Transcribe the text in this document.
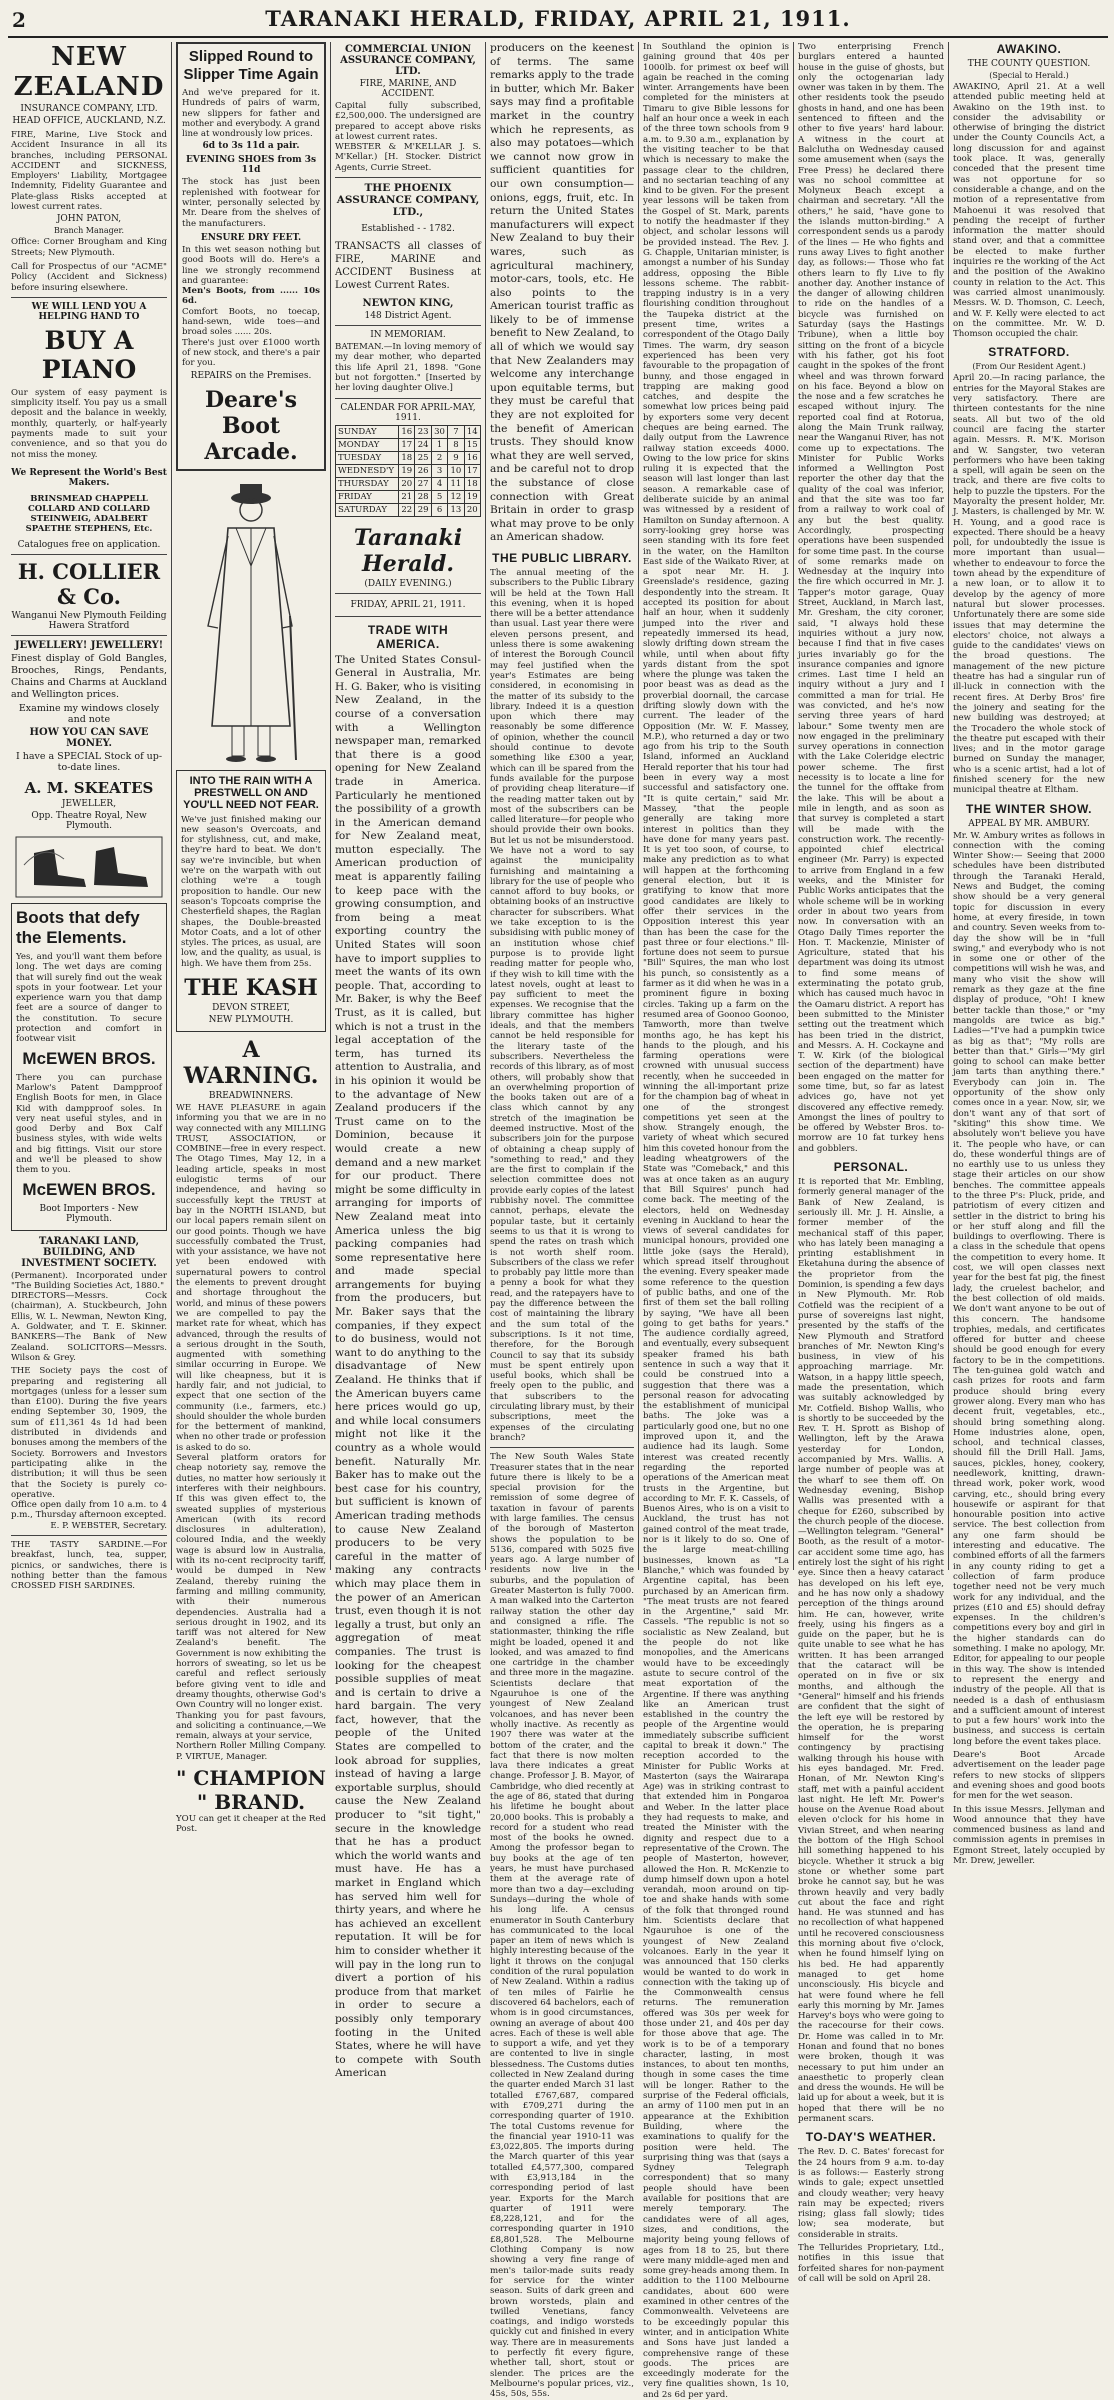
2	TARANAKI HERALD, FRIDAY, APRIL 21, 1911.
NEW ZEALAND
INSURANCE COMPANY, LTD.
HEAD OFFICE, AUCKLAND, N.Z.
FIRE, Marine, Live Stock and Accident Insurance in all its branches, including PERSONAL ACCIDENT and SICKNESS, Employers' Liability, Mortgagee Indemnity, Fidelity Guarantee and Plate-glass Risks accepted at lowest current rates.
JOHN PATON,
Branch Manager.
Office: Corner Brougham and King Streets; New Plymouth.
Call for Prospectus of our "ACME" Policy (Accident and Sickness) before insuring elsewhere.
WE WILL LEND YOU A HELPING HAND TO
BUY A PIANO
Our system of easy payment is simplicity itself. You pay us a small deposit and the balance in weekly, monthly, quarterly, or half-yearly payments made to suit your convenience, and so that you do not miss the money.
We Represent the World's Best Makers.
BRINSMEAD CHAPPELL COLLARD AND COLLARD STEINWEIG, ADALBERT SPAETHE STEPHENS, Etc.
Catalogues free on application.
H. COLLIER & Co.
Wanganui New Plymouth Feilding Hawera Stratford
JEWELLERY! JEWELLERY!
Finest display of Gold Bangles, Brooches, Rings, Pendants, Chains and Charms at Auckland and Wellington prices.
Examine my windows closely and note
HOW YOU CAN SAVE MONEY.
I have a SPECIAL Stock of up-to-date lines.
A. M. SKEATES
JEWELLER,
Opp. Theatre Royal, New Plymouth.
Boots that defy the Elements.
Yes, and you'll want them before long. The wet days are coming that will surely find out the weak spots in your footwear. Let your experience warn you that damp feet are a source of danger to the constitution. To secure protection and comfort in footwear visit
McEWEN BROS.
There you can purchase Marlow's Patent Dampproof English Boots for men, in Glace Kid with dampproof soles. In very neat useful styles, and in good Derby and Box Calf business styles, with wide welts and big fittings. Visit our store and we'll be pleased to show them to you.
McEWEN BROS.
Boot Importers - New Plymouth.
TARANAKI LAND, BUILDING, AND INVESTMENT SOCIETY.
(Permanent). Incorporated under "The Building Societies Act, 1880."
DIRECTORS—Messrs. Cock (chairman), A. Stuckbeurch, John Ellis, W. L. Newman, Newton King, A. Goldwater, and T. E. Skinner. BANKERS—The Bank of New Zealand. SOLICITORS—Messrs. Wilson & Grey.
THE Society pays the cost of preparing and registering all mortgages (unless for a lesser sum than £100). During the five years ending September 30, 1909, the sum of £11,361 4s 1d had been distributed in dividends and bonuses among the members of the Society. Borrowers and Investors participating alike in the distribution; it will thus be seen that the Society is purely co-operative.
Office open daily from 10 a.m. to 4 p.m., Thursday afternoon excepted.
E. P. WEBSTER, Secretary.
THE TASTY SARDINE.—For breakfast, lunch, tea, supper, picnics, or sandwiches, there is nothing better than the famous CROSSED FISH SARDINES.
Slipped Round to Slipper Time Again
And we've prepared for it. Hundreds of pairs of warm, new slippers for father and mother and everybody. A grand line at wondrously low prices.
6d to 3s 11d a pair.
EVENING SHOES from 3s 11d
The stock has just been replenished with footwear for winter, personally selected by Mr. Deare from the shelves of the manufacturers.
ENSURE DRY FEET.
In this wet season nothing but good Boots will do. Here's a line we strongly recommend and guarantee:
Men's Boots, from ...... 10s 6d.
Comfort Boots, no toecap, hand-sewn, wide toes—and broad soles ...... 20s.
There's just over £1000 worth of new stock, and there's a pair for you.
REPAIRS on the Premises.
Deare's Boot Arcade.
INTO THE RAIN WITH A PRESTWELL ON AND YOU'LL NEED NOT FEAR.
We've just finished making our new season's Overcoats, and for stylishness, cut, and make, they're hard to beat. We don't say we're invincible, but when we're on the warpath with out clothing we're a tough proposition to handle. Our new season's Topcoats comprise the Chesterfield shapes, the Raglan shapes, the Double-breasted Motor Coats, and a lot of other styles. The prices, as usual, are low, and the quality, as usual, is high. We have them from 25s.
THE KASH
DEVON STREET,
NEW PLYMOUTH.
A WARNING.
BREADWINNERS.
WE HAVE PLEASURE in again informing you that we are in no way connected with any MILLING TRUST, ASSOCIATION, or COMBINE—free in every respect. The Otago Times, May 12, in a leading article, speaks in most eulogistic terms of our independence, and having so successfully kept the TRUST at bay in the NORTH ISLAND, but our local papers remain silent on our good points. Though we have successfully combated the Trust, with your assistance, we have not yet been endowed with supernatural powers to control the elements to prevent drought and shortage throughout the world, and minus of these powers we are compelled to pay the market rate for wheat, which has advanced, through the results of a serious drought in the South, augmented with something similar occurring in Europe. We will like cheapness, but it is hardly fair, and not judicial, to expect that one section of the community (i.e., farmers, etc.) should shoulder the whole burden for the betterment of mankind, when no other trade or profession is asked to do so.
Several platform orators for cheap notoriety say, remove the duties, no matter how seriously it interferes with their neighbours. If this was given effect to, the sweated supplies of mysterious American (with its record disclosures in adulteration), coloured India, and the weekly wage is absurd low in Australia, with its no-cent reciprocity tariff, would be dumped in New Zealand, thereby ruining the farming and milling community, with their numerous dependencies. Australia had a serious drought in 1902, and its tariff was not altered for New Zealand's benefit. The Government is now exhibiting the horrors of sweating, so let us be careful and reflect seriously before giving vent to idle and dreamy thoughts, otherwise God's Own Country will no longer exist.
Thanking you for past favours, and soliciting a continuance,—We remain, always at your service,
Northern Roller Milling Company. P. VIRTUE, Manager.
" CHAMPION " BRAND.
YOU can get it cheaper at the Red Post.
COMMERCIAL UNION ASSURANCE COMPANY, LTD.
FIRE, MARINE, AND ACCIDENT.
Capital fully subscribed, £2,500,000. The undersigned are prepared to accept above risks at lowest current rates.
WEBSTER & M'KELLAR J. S. M'Kellar.) [H. Stocker. District Agents, Currie Street.
THE PHOENIX ASSURANCE COMPANY, LTD.,
Established - - 1782.
TRANSACTS all classes of FIRE, MARINE and ACCIDENT Business at Lowest Current Rates.
NEWTON KING,
148 District Agent.
IN MEMORIAM.
BATEMAN.—In loving memory of my dear mother, who departed this life April 21, 1898. "Gone but not forgotten." [Inserted by her loving daughter Olive.]
CALENDAR FOR APRIL-MAY, 1911.
SUNDAY	16	23	30	7	14
MONDAY	17	24	1	8	15
TUESDAY	18	25	2	9	16
WEDNESD'Y	19	26	3	10	17
THURSDAY	20	27	4	11	18
FRIDAY	21	28	5	12	19
SATURDAY	22	29	6	13	20
Taranaki Herald.
(DAILY EVENING.)
FRIDAY, APRIL 21, 1911.
TRADE WITH AMERICA.
The United States Consul-General in Australia, Mr. H. G. Baker, who is visiting New Zealand, in the course of a conversation with a Wellington newspaper man, remarked that there is a good opening for New Zealand trade in America. Particularly he mentioned the possibility of a growth in the American demand for New Zealand meat, mutton especially. The American production of meat is apparently failing to keep pace with the growing consumption, and from being a meat exporting country the United States will soon have to import supplies to meet the wants of its own people. That, according to Mr. Baker, is why the Beef Trust, as it is called, but which is not a trust in the legal acceptation of the term, has turned its attention to Australia, and in his opinion it would be to the advantage of New Zealand producers if the Trust came on to the Dominion, because it would create a new demand and a new market for our product. There might be some difficulty in arranging for imports of New Zealand meat into America unless the big packing companies had some representative here and made special arrangements for buying from the producers, but Mr. Baker says that the companies, if they expect to do business, would not want to do anything to the disadvantage of New Zealand. He thinks that if the American buyers came here prices would go up, and while local consumers might not like it the country as a whole would benefit. Naturally Mr. Baker has to make out the best case for his country, but sufficient is known of American trading methods to cause New Zealand producers to be very careful in the matter of making any contracts which may place them in the power of an American trust, even though it is not legally a trust, but only an aggregation of meat companies. The trust is looking for the cheapest possible supplies of meat and is certain to drive a hard bargain. The very fact, however, that the people of the United States are compelled to look abroad for supplies, instead of having a large exportable surplus, should cause the New Zealand producer to "sit tight," secure in the knowledge that he has a product which the world wants and must have. He has a market in England which has served him well for thirty years, and where he has achieved an excellent reputation. It will be for him to consider whether it will pay in the long run to divert a portion of his produce from that market in order to secure a possibly only temporary footing in the United States, where he will have to compete with South American
producers on the keenest of terms. The same remarks apply to the trade in butter, which Mr. Baker says may find a profitable market in the country which he represents, as also may potatoes—which we cannot now grow in sufficient quantities for our own consumption—onions, eggs, fruit, etc. In return the United States manufacturers will expect New Zealand to buy their wares, such as agricultural machinery, motor-cars, tools, etc. He also points to the American tourist traffic as likely to be of immense benefit to New Zealand, to all of which we would say that New Zealanders may welcome any interchange upon equitable terms, but they must be careful that they are not exploited for the benefit of American trusts. They should know what they are well served, and be careful not to drop the substance of close connection with Great Britain in order to grasp what may prove to be only an American shadow.
THE PUBLIC LIBRARY.
The annual meeting of the subscribers to the Public Library will be held at the Town Hall this evening, when it is hoped there will be a better attendance than usual. Last year there were eleven persons present, and unless there is some awakening of interest the Borough Council may feel justified when the year's Estimates are being considered, in economising in the matter of its subsidy to the library. Indeed it is a question upon which there may reasonably be some difference of opinion, whether the council should continue to devote something like £300 a year, which can ill be spared from the funds available for the purpose of providing cheap literature—if the reading matter taken out by most of the subscribers can be called literature—for people who should provide their own books. But let us not be misunderstood. We have not a word to say against the municipality furnishing and maintaining a library for the use of people who cannot afford to buy books, or obtaining books of an instructive character for subscribers. What we take exception to is the subsidising with public money of an institution whose chief purpose is to provide light reading matter for people who, if they wish to kill time with the latest novels, ought at least to pay sufficient to meet the expenses. We recognise that the library committee has higher ideals, and that the members cannot be held responsible for the literary taste of the subscribers. Nevertheless the records of this library, as of most others, will probably show that an overwhelming proportion of the books taken out are of a class which cannot by any stretch of the imagination be deemed instructive. Most of the subscribers join for the purpose of obtaining a cheap supply of "something to read," and they are the first to complain if the selection committee does not provide early copies of the latest rubbishy novel. The committee cannot, perhaps, elevate the popular taste, but it certainly seems to us that it is wrong to spend the rates on trash which is not worth shelf room. Subscribers of the class we refer to probably pay little more than a penny a book for what they read, and the ratepayers have to pay the difference between the cost of maintaining the library and the sum total of the subscriptions. Is it not time, therefore, for the Borough Council to say that its subsidy must be spent entirely upon useful books, which shall be freely open to the public, and that subscribers to the circulating library must, by their subscriptions, meet the expenses of the circulating branch?
The New South Wales State Treasurer states that in the near future there is likely to be a special provision for the remission of some degree of taxation in favour of parents with large families. The census of the borough of Masterton shows the population to be 5136, compared with 5025 five years ago. A large number of residents now live in the suburbs, and the population of Greater Masterton is fully 7000. A man walked into the Carterton railway station the other day and consigned a rifle. The stationmaster, thinking the rifle might be loaded, opened it and looked, and was amazed to find one cartridge in the chamber and three more in the magazine. Scientists declare that Ngauruhoe is one of the youngest of New Zealand volcanoes, and has never been wholly inactive. As recently as 1907 there was water at the bottom of the crater, and the fact that there is now molten lava there indicates a great change. Professor J. B. Mayor, of Cambridge, who died recently at the age of 86, stated that during his lifetime he bought about 20,000 books. This is probably a record for a student who read most of the books he owned. Among the professor began to buy books at the age of ten years, he must have purchased them at the average rate of more than two a day—excluding Sundays—during the whole of his long life. A census enumerator in South Canterbury has communicated to the local paper an item of news which is highly interesting because of the light it throws on the conjugal condition of the rural population of New Zealand. Within a radius of ten miles of Fairlie he discovered 64 bachelors, each of whom is in good circumstances, owning an average of about 400 acres. Each of these is well able to support a wife, and yet they are contented to live in single blessedness. The Customs duties collected in New Zealand during the quarter ended March 31 last totalled £767,687, compared with £709,271 during the corresponding quarter of 1910. The total Customs revenue for the financial year 1910-11 was £3,022,805. The imports during the March quarter of this year totalled £4,577,300, compared with £3,913,184 in the corresponding period of last year. Exports for the March quarter of 1911 were £8,228,121, and for the corresponding quarter in 1910 £8,801,528. The Melbourne Clothing Company is now showing a very fine range of men's tailor-made suits ready for service for the winter season. Suits of dark green and brown worsteds, plain and twilled Venetians, fancy coatings, and indigo worsteds quickly cut and finished in every way. There are in measurements to perfectly fit every figure, whether tall, short, stout or slender. The prices are the Melbourne's popular prices, viz., 45s, 50s, 55s.
In Southland the opinion is gaining ground that 40s per 1000lb. for primest ox beef will again be reached in the coming winter. Arrangements have been completed for the ministers at Timaru to give Bible lessons for half an hour once a week in each of the three town schools from 9 a.m. to 9.30 a.m., explanation by the visiting teacher to be that which is necessary to make the passage clear to the children, and no sectarian teaching of any kind to be given. For the present year lessons will be taken from the Gospel of St. Mark, parents to notify the headmaster if they object, and scholar lessons will be provided instead. The Rev. J. G. Chapple, Unitarian minister, is amongst a number of his Sunday address, opposing the Bible lessons scheme. The rabbit-trapping industry is in a very flourishing condition throughout the Taupeka district at the present time, writes a correspondent of the Otago Daily Times. The warm, dry season experienced has been very favourable to the propagation of bunny, and those engaged in trapping are making good catches, and despite the somewhat low prices being paid by exporters some very decent cheques are being earned. The daily output from the Lawrence railway station exceeds 4000. Owing to the low price for skins ruling it is expected that the season will last longer than last season. A remarkable case of deliberate suicide by an animal was witnessed by a resident of Hamilton on Sunday afternoon. A sorry-looking grey horse was seen standing with its fore feet in the water, on the Hamilton East side of the Waikato River, at a spot near Mr. H. J. Greenslade's residence, gazing despondently into the stream. It accepted its position for about half an hour, when it suddenly jumped into the river and repeatedly immersed its head, slowly drifting down stream the while, until when about fifty yards distant from the spot where the plunge was taken the poor beast was as dead as the proverbial doornail, the carcase drifting slowly down with the current. The leader of the Opposition (Mr. W. F. Massey, M.P.), who returned a day or two ago from his trip to the South Island, informed an Auckland Herald reporter that his tour had been in every way a most successful and satisfactory one. "It is quite certain," said Mr. Massey, "that the people generally are taking more interest in politics than they have done for many years past. It is yet too soon, of course, to make any prediction as to what will happen at the forthcoming general election, but it is gratifying to know that more good candidates are likely to offer their services in the Opposition interest this year than has been the case for the past three or four elections." Ill-fortune does not seem to pursue "Bill" Squires, the man who lost his punch, so consistently as a farmer as it did when he was in a prominent figure in boxing circles. Taking up a farm on the resumed area of Goonoo Goonoo, Tamworth, more than twelve months ago, he has kept his hands to the plough, and his farming operations were crowned with unusual success recently, when he succeeded in winning the all-important prize for the champion bag of wheat in one of the strongest competitions yet seen at the show. Strangely enough, the variety of wheat which secured him this coveted honour from the leading wheatgrowers of the State was "Comeback," and this was at once taken as an augury that Bill Squires' punch had come back. The meeting of the electors, held on Wednesday evening in Auckland to hear the views of several candidates for municipal honours, provided one little joke (says the Herald), which spread itself throughout the evening. Every speaker made some reference to the question of public baths, and one of the first of them set the ball rolling by saying, "We have all been going to get baths for years." The audience cordially agreed, and eventually, every subsequent speaker framed his bath sentence in such a way that it could be construed into a suggestion that there was a personal reason for advocating the establishment of municipal baths. The joke was a particularly good one, but no one improved upon it, and the audience had its laugh. Some interest was created recently regarding the reported operations of the American meat trusts in the Argentine, but according to Mr. F. K. Cassels, of Buenos Aires, who is on a visit to Auckland, the trust has not gained control of the meat trade, nor is it likely to do so. One of the large meat-chilling businesses, known as "La Blanche," which was founded by Argentine capital, has been purchased by an American firm. "The meat trusts are not feared in the Argentine," said Mr. Cassels. "The republic is not so socialistic as New Zealand, but the people do not like monopolies, and the Americans would have to be exceedingly astute to secure control of the meat exportation of the Argentine. If there was anything like an American trust established in the country the people of the Argentine would immediately subscribe sufficient capital to break it down." The reception accorded to the Minister for Public Works at Masterton (says the Wairarapa Age) was in striking contrast to that extended him in Pongaroa and Weber. In the latter place they had requests to make, and treated the Minister with the dignity and respect due to a representative of the Crown. The people of Masterton, however, allowed the Hon. R. McKenzie to dump himself down upon a hotel verandah, moon around on tip-toe and shake hands with some of the folk that thronged round him. Scientists declare that Ngauruhoe is one of the youngest of New Zealand volcanoes. Early in the year it was announced that 150 clerks would be wanted to do work in connection with the taking up of the Commonwealth census returns. The remuneration offered was 30s per week for those under 21, and 40s per day for those above that age. The work is to be of a temporary character, lasting, in most instances, to about ten months, though in some cases the time will be longer. Rather to the surprise of the Federal officials, an army of 1100 men put in an appearance at the Exhibition Building, where the examinations to qualify for the position were held. The surprising thing was that (says a Sydney Telegraph correspondent) that so many people should have been available for positions that are merely temporary. The candidates were of all ages, sizes, and conditions, the majority being young fellows of ages from 18 to 25, but there were many middle-aged men and some grey-heads among them. In addition to the 1100 Melbourne candidates, about 600 were examined in other centres of the Commonwealth. Velveteens are to be exceedingly popular this winter, and in anticipation White and Sons have just landed a comprehensive range of these goods. The prices are exceedingly moderate for the very fine qualities shown, 1s 10, and 2s 6d per yard.
Two enterprising French burglars entered a haunted house in the guise of ghosts, but only the octogenarian lady owner was taken in by them. The other residents took the pseudo ghosts in hand, and one has been sentenced to fifteen and the other to five years' hard labour. A witness in the court at Balclutha on Wednesday caused some amusement when (says the Free Press) he declared there was no school committee at Molyneux Beach except a chairman and secretary. "All the others," he said, "have gone to the islands mutton-birding." A correspondent sends us a parody of the lines — He who fights and runs away Lives to fight another day, as follows:— Those who fat others learn to fly Live to fly another day. Another instance of the danger of allowing children to ride on the handles of a bicycle was furnished on Saturday (says the Hastings Tribune), when a little boy sitting on the front of a bicycle with his father, got his foot caught in the spokes of the front wheel and was thrown forward on his face. Beyond a blow on the nose and a few scratches he escaped without injury. The reported coal find at Rotorua, along the Main Trunk railway, near the Wanganui River, has not come up to expectations. The Minister for Public Works informed a Wellington Post reporter the other day that the quality of the coal was inferior, and that the site was too far from a railway to work coal of any but the best quality. Accordingly, prospecting operations have been suspended for some time past. In the course of some remarks made on Wednesday at the inquiry into the fire which occurred in Mr. J. Tapper's motor garage, Quay Street, Auckland, in March last, Mr. Gresham, the city coroner, said, "I always hold these inquiries without a jury now, because I find that in five cases juries invariably go for the insurance companies and ignore crimes. Last time I held an inquiry without a jury and I committed a man for trial. He was convicted, and he's now serving three years of hard labour." Some twenty men are now engaged in the preliminary survey operations in connection with the Lake Coleridge electric power scheme. The first necessity is to locate a line for the tunnel for the offtake from the lake. This will be about a mile in length, and as soon as that survey is completed a start will be made with the construction work. The recently-appointed chief electrical engineer (Mr. Parry) is expected to arrive from England in a few weeks, and the Minister for Public Works anticipates that the whole scheme will be in working order in about two years from now. In conversation with an Otago Daily Times reporter the Hon. T. Mackenzie, Minister of Agriculture, stated that his department was doing its utmost to find some means of exterminating the potato grub, which has caused much havoc in the Oamaru district. A report has been submitted to the Minister setting out the treatment which has been tried in the district, and Messrs. A. H. Cockayne and T. W. Kirk (of the biological section of the department) have been engaged on the matter for some time, but, so far as latest advices go, have not yet discovered any effective remedy. Amongst the lines of poultry to be offered by Webster Bros. to-morrow are 10 fat turkey hens and gobblers.
PERSONAL.
It is reported that Mr. Embling, formerly general manager of the Bank of New Zealand, is seriously ill. Mr. J. H. Ainslie, a former member of the mechanical staff of this paper, who has lately been managing a printing establishment in Eketahuna during the absence of the proprietor from the Dominion, is spending a few days in New Plymouth. Mr. Rob Cotfield was the recipient of a purse of sovereigns last night, presented by the staffs of the New Plymouth and Stratford branches of Mr. Newton King's business, in view of his approaching marriage. Mr. Watson, in a happy little speech, made the presentation, which was suitably acknowledged by Mr. Cotfield. Bishop Wallis, who is shortly to be succeeded by the Rev. T. H. Sprott as Bishop of Wellington, left by the Arawa yesterday for London, accompanied by Mrs. Wallis. A large number of people was at the wharf to see them off. On Wednesday evening, Bishop Wallis was presented with a cheque for £260, subscribed by the church people of the diocese.—Wellington telegram. "General" Booth, as the result of a motor-car accident some time ago, has entirely lost the sight of his right eye. Since then a heavy cataract has developed on his left eye, and he has now only a shadowy perception of the things around him. He can, however, write freely, using his fingers as a guide on the paper, but he is quite unable to see what he has written. It has been arranged that the cataract will be operated on in five or six months, and although the "General" himself and his friends are confident that the sight of the left eye will be restored by the operation, he is preparing himself for the worst contingency by practising walking through his house with his eyes bandaged. Mr. Fred. Honan, of Mr. Newton King's staff, met with a painful accident last night. He left Mr. Power's house on the Avenue Road about eleven o'clock for his home in Vivian Street, and when nearing the bottom of the High School hill something happened to his bicycle. Whether it struck a big stone or whether some part broke he cannot say, but he was thrown heavily and very badly cut about the face and right hand. He was stunned and has no recollection of what happened until he recovered consciousness this morning about five o'clock, when he found himself lying on his bed. He had apparently managed to get home unconsciously. His bicycle and hat were found where he fell early this morning by Mr. James Harvey's boys who were going to the racecourse for their cows. Dr. Home was called in to Mr. Honan and found that no bones were broken, though it was necessary to put him under an anaesthetic to properly clean and dress the wounds. He will be laid up for about a week, but it is hoped that there will be no permanent scars.
TO-DAY'S WEATHER.
The Rev. D. C. Bates' forecast for the 24 hours from 9 a.m. to-day is as follows:— Easterly strong winds to gale; expect unsettled and cloudy weather; very heavy rain may be expected; rivers rising; glass fall slowly; tides low; sea moderate, but considerable in straits.
The Tellurides Proprietary, Ltd., notifies in this issue that forfeited shares for non-payment of call will be sold on April 28.
AWAKINO.
THE COUNTY QUESTION.
(Special to Herald.)
AWAKINO, April 21. At a well attended public meeting held at Awakino on the 19th inst. to consider the advisability or otherwise of bringing the district under the County Councils Act, a long discussion for and against took place. It was, generally conceded that the present time was not opportune for so considerable a change, and on the motion of a representative from Mahoenui it was resolved that pending the receipt of further information the matter should stand over, and that a committee be elected to make further inquiries re the working of the Act and the position of the Awakino county in relation to the Act. This was carried almost unanimously. Messrs. W. D. Thomson, C. Leech, and W. F. Kelly were elected to act on the committee. Mr. W. D. Thomson occupied the chair.
STRATFORD.
(From Our Resident Agent.)
April 20.—In racing parlance, the entries for the Mayoral Stakes are very satisfactory. There are thirteen contestants for the nine seats. All but two of the old council are facing the starter again. Messrs. R. M'K. Morison and W. Sangster, two veteran performers who have been taking a spell, will again be seen on the track, and there are five colts to help to puzzle the tipsters. For the Mayoralty the present holder, Mr. J. Masters, is challenged by Mr. W. H. Young, and a good race is expected. There should be a heavy poll, for undoubtedly the issue is more important than usual—whether to endeavour to force the town ahead by the expenditure of a new loan, or to allow it to develop by the agency of more natural but slower processes. Unfortunately there are some side issues that may determine the electors' choice, not always a guide to the candidates' views on the broad questions. The management of the new picture theatre has had a singular run of ill-luck in connection with the recent fires. At Derby Bros' fire the joinery and seating for the new building was destroyed; at the Trocadero the whole stock of the theatre put escaped with their lives; and in the motor garage burned on Sunday the manager, who is a scenic artist, had a lot of finished scenery for the new municipal theatre at Eltham.
THE WINTER SHOW.
APPEAL BY MR. AMBURY.
Mr. W. Ambury writes as follows in connection with the coming Winter Show:— Seeing that 2000 schedules have been distributed through the Taranaki Herald, News and Budget, the coming show should be a very general topic for discussion in every home, at every fireside, in town and country. Seven weeks from to-day the show will be in "full swing," and everybody who is not in some one or other of the competitions will wish he was, and many who visit the show will remark as they gaze at the fine display of produce, "Oh! I knew better tackle than those," or "my mangolds are twice as big." Ladies—"I've had a pumpkin twice as big as that"; "My rolls are better than that." Girls—"My girl going to school can make better jam tarts than anything there." Everybody can join in. The opportunity of the show only comes once in a year. Now, sir, we don't want any of that sort of "skiting" this show time. We absolutely won't believe you have it. The people who have, or can do, these wonderful things are of no earthly use to us unless they stage their articles on our show benches. The committee appeals to the three P's: Pluck, pride, and patriotism of every citizen and settler in the district to bring his or her stuff along and fill the buildings to overflowing. There is a class in the schedule that opens the competition to every home. It cost, we will open classes next year for the best fat pig, the finest lady, the cruelest bachelor, and the best collection of old maids. We don't want anyone to be out of this concern. The handsome trophies, medals, and certificates offered for butter and cheese should be good enough for every factory to be in the competitions. The ten-guinea gold watch and cash prizes for roots and farm produce should bring every grower along. Every man who has decent fruit, vegetables, etc., should bring something along. Home industries alone, open, school, and technical classes, should fill the Drill Hall. Jams, sauces, pickles, honey, cookery, needlework, knitting, drawn-thread work, poker work, wood carving, etc., should bring every housewife or aspirant for that honourable position into active service. The best collection from any one farm should be interesting and educative. The combined efforts of all the farmers in any county riding to get a collection of farm produce together need not be very much work for any individual, and the prizes (£10 and £5) should defray expenses. In the children's competitions every boy and girl in the higher standards can do something. I make no apology, Mr. Editor, for appealing to our people in this way. The show is intended to represent the energy and industry of the people. All that is needed is a dash of enthusiasm and a sufficient amount of interest to put a few hours' work into the business, and success is certain long before the event takes place.
Deare's Boot Arcade advertisement on the leader page refers to new stocks of slippers and evening shoes and good boots for men for the wet season.
In this issue Messrs. Jellyman and Wood announce that they have commenced business as land and commission agents in premises in Egmont Street, lately occupied by Mr. Drew, jeweller.
